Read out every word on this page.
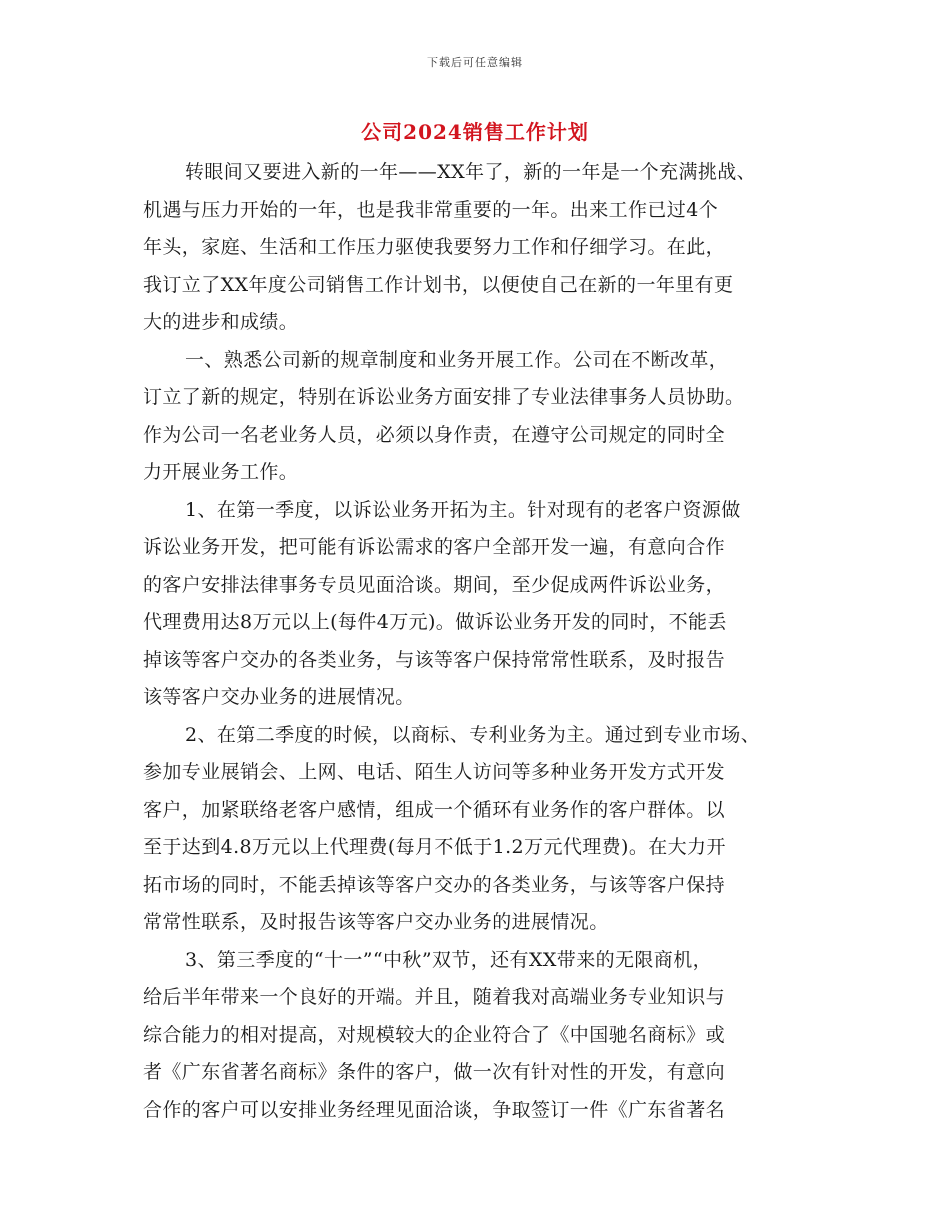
下载后可任意编辑
公司2024销售工作计划
转眼间又要进入新的一年——XX年了，新的一年是一个充满挑战、
机遇与压力开始的一年，也是我非常重要的一年。出来工作已过4个
年头，家庭、生活和工作压力驱使我要努力工作和仔细学习。在此，
我订立了XX年度公司销售工作计划书，以便使自己在新的一年里有更
大的进步和成绩。
一、熟悉公司新的规章制度和业务开展工作。公司在不断改革，
订立了新的规定，特别在诉讼业务方面安排了专业法律事务人员协助。
作为公司一名老业务人员，必须以身作责，在遵守公司规定的同时全
力开展业务工作。
1、在第一季度，以诉讼业务开拓为主。针对现有的老客户资源做
诉讼业务开发，把可能有诉讼需求的客户全部开发一遍，有意向合作
的客户安排法律事务专员见面洽谈。期间，至少促成两件诉讼业务，
代理费用达8万元以上(每件4万元)。做诉讼业务开发的同时，不能丢
掉该等客户交办的各类业务，与该等客户保持常常性联系，及时报告
该等客户交办业务的进展情况。
2、在第二季度的时候，以商标、专利业务为主。通过到专业市场、
参加专业展销会、上网、电话、陌生人访问等多种业务开发方式开发
客户，加紧联络老客户感情，组成一个循环有业务作的客户群体。以
至于达到4.8万元以上代理费(每月不低于1.2万元代理费)。在大力开
拓市场的同时，不能丢掉该等客户交办的各类业务，与该等客户保持
常常性联系，及时报告该等客户交办业务的进展情况。
3、第三季度的“十一”“中秋”双节，还有XX带来的无限商机，
给后半年带来一个良好的开端。并且，随着我对高端业务专业知识与
综合能力的相对提高，对规模较大的企业符合了《中国驰名商标》或
者《广东省著名商标》条件的客户，做一次有针对性的开发，有意向
合作的客户可以安排业务经理见面洽谈，争取签订一件《广东省著名
